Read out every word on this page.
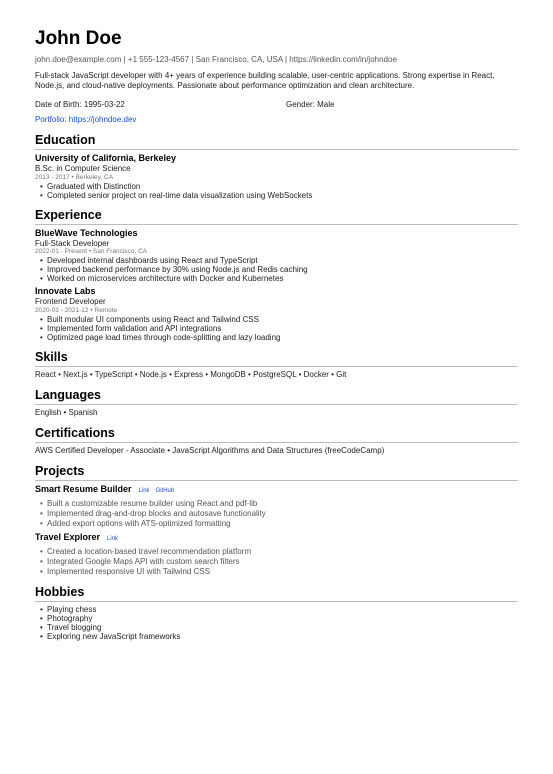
John Doe
john.doe@example.com | +1 555-123-4567 | San Francisco, CA, USA | https://linkedin.com/in/johndoe
Full-stack JavaScript developer with 4+ years of experience building scalable, user-centric applications. Strong expertise in React, Node.js, and cloud-native deployments. Passionate about performance optimization and clean architecture.
Date of Birth: 1995-03-22	Gender: Male
Portfolio: https://johndoe.dev
Education
University of California, Berkeley
B.Sc. in Computer Science
2013 - 2017 • Berkeley, CA
• Graduated with Distinction
• Completed senior project on real-time data visualization using WebSockets
Experience
BlueWave Technologies
Full-Stack Developer
2022-01 - Present • San Francisco, CA
• Developed internal dashboards using React and TypeScript
• Improved backend performance by 30% using Node.js and Redis caching
• Worked on microservices architecture with Docker and Kubernetes
Innovate Labs
Frontend Developer
2020-03 - 2021-12 • Remote
• Built modular UI components using React and Tailwind CSS
• Implemented form validation and API integrations
• Optimized page load times through code-splitting and lazy loading
Skills
React • Next.js • TypeScript • Node.js • Express • MongoDB • PostgreSQL • Docker • Git
Languages
English • Spanish
Certifications
AWS Certified Developer - Associate • JavaScript Algorithms and Data Structures (freeCodeCamp)
Projects
Smart Resume Builder Link GitHub
• Built a customizable resume builder using React and pdf-lib
• Implemented drag-and-drop blocks and autosave functionality
• Added export options with ATS-optimized formatting
Travel Explorer Link
• Created a location-based travel recommendation platform
• Integrated Google Maps API with custom search filters
• Implemented responsive UI with Tailwind CSS
Hobbies
• Playing chess
• Photography
• Travel blogging
• Exploring new JavaScript frameworks
